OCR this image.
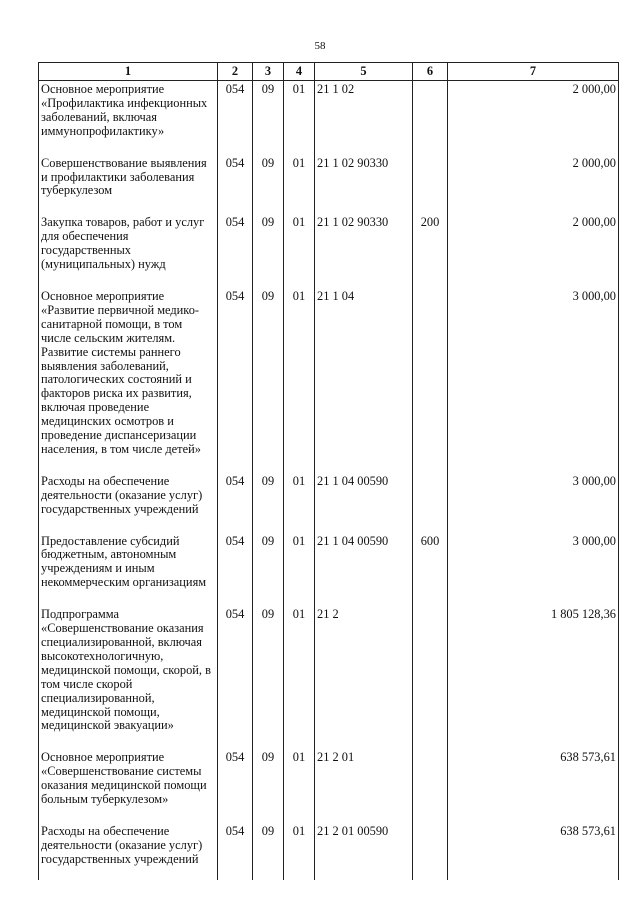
58
1	2	3	4	5	6	7
Основное мероприятие «Профилактика инфекционных заболеваний, включая иммунопрофилактику»	054	09	01	21 1 02		2 000,00
Совершенствование выявления и профилактики заболевания туберкулезом	054	09	01	21 1 02 90330		2 000,00
Закупка товаров, работ и услуг для обеспечения государственных (муниципальных) нужд	054	09	01	21 1 02 90330	200	2 000,00
Основное мероприятие «Развитие первичной медико-санитарной помощи, в том числе сельским жителям. Развитие системы раннего выявления заболеваний, патологических состояний и факторов риска их развития, включая проведение медицинских осмотров и проведение диспансеризации населения, в том числе детей»	054	09	01	21 1 04		3 000,00
Расходы на обеспечение деятельности (оказание услуг) государственных учреждений	054	09	01	21 1 04 00590		3 000,00
Предоставление субсидий бюджетным, автономным учреждениям и иным некоммерческим организациям	054	09	01	21 1 04 00590	600	3 000,00
Подпрограмма «Совершенствование оказания специализированной, включая высокотехнологичную, медицинской помощи, скорой, в том числе скорой специализированной, медицинской помощи, медицинской эвакуации»	054	09	01	21 2		1 805 128,36
Основное мероприятие «Совершенствование системы оказания медицинской помощи больным туберкулезом»	054	09	01	21 2 01		638 573,61
Расходы на обеспечение деятельности (оказание услуг) государственных учреждений	054	09	01	21 2 01 00590		638 573,61
